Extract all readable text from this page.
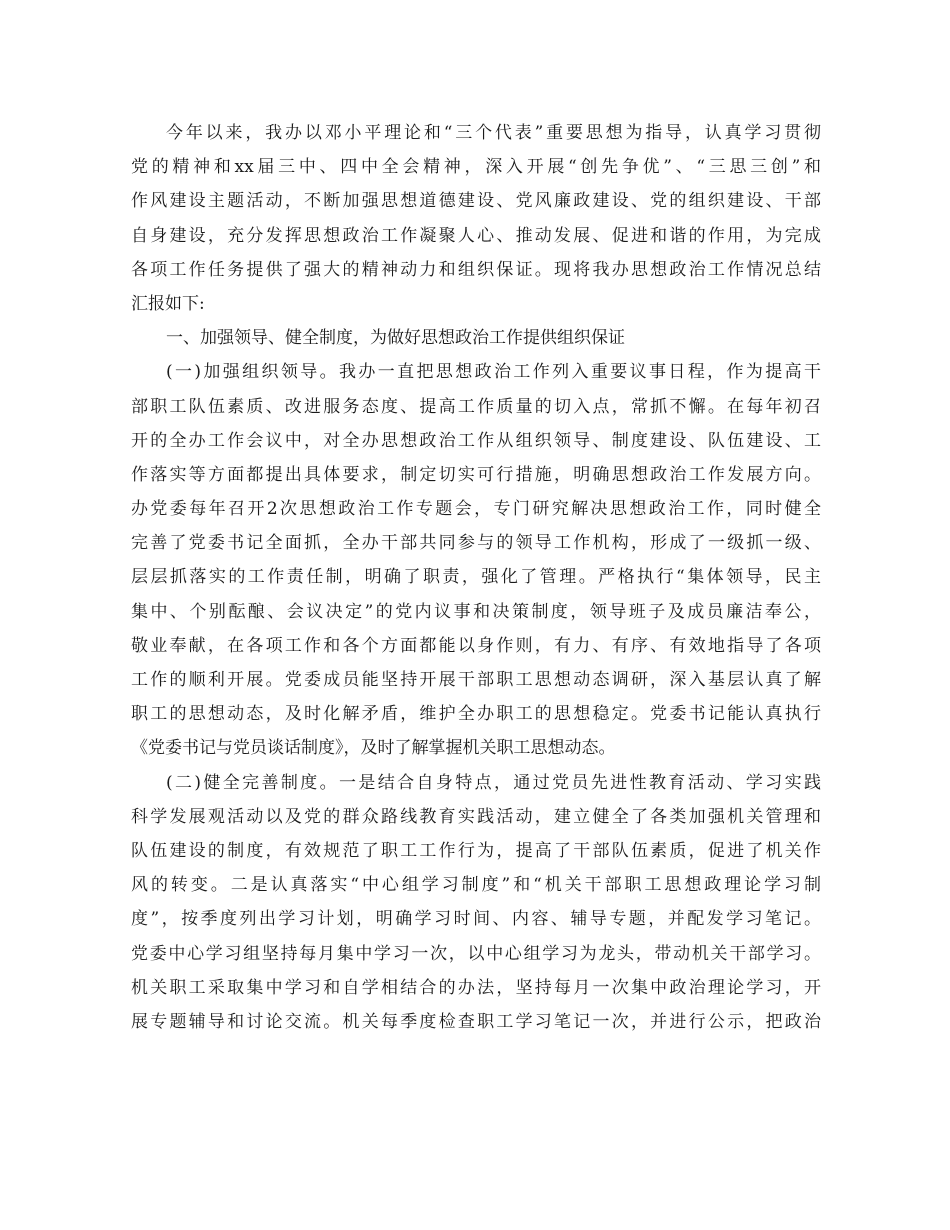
今年以来，我办以邓小平理论和“三个代表”重要思想为指导，认真学习贯彻
党的精神和xx届三中、四中全会精神，深入开展“创先争优”、“三思三创”和
作风建设主题活动，不断加强思想道德建设、党风廉政建设、党的组织建设、干部
自身建设，充分发挥思想政治工作凝聚人心、推动发展、促进和谐的作用，为完成
各项工作任务提供了强大的精神动力和组织保证。现将我办思想政治工作情况总结
汇报如下:
一、加强领导、健全制度，为做好思想政治工作提供组织保证
(一)加强组织领导。我办一直把思想政治工作列入重要议事日程，作为提高干
部职工队伍素质、改进服务态度、提高工作质量的切入点，常抓不懈。在每年初召
开的全办工作会议中，对全办思想政治工作从组织领导、制度建设、队伍建设、工
作落实等方面都提出具体要求，制定切实可行措施，明确思想政治工作发展方向。
办党委每年召开2次思想政治工作专题会，专门研究解决思想政治工作，同时健全
完善了党委书记全面抓，全办干部共同参与的领导工作机构，形成了一级抓一级、
层层抓落实的工作责任制，明确了职责，强化了管理。严格执行“集体领导，民主
集中、个别酝酿、会议决定”的党内议事和决策制度，领导班子及成员廉洁奉公，
敬业奉献，在各项工作和各个方面都能以身作则，有力、有序、有效地指导了各项
工作的顺利开展。党委成员能坚持开展干部职工思想动态调研，深入基层认真了解
职工的思想动态，及时化解矛盾，维护全办职工的思想稳定。党委书记能认真执行
《党委书记与党员谈话制度》，及时了解掌握机关职工思想动态。
(二)健全完善制度。一是结合自身特点，通过党员先进性教育活动、学习实践
科学发展观活动以及党的群众路线教育实践活动，建立健全了各类加强机关管理和
队伍建设的制度，有效规范了职工工作行为，提高了干部队伍素质，促进了机关作
风的转变。二是认真落实“中心组学习制度”和“机关干部职工思想政理论学习制
度”，按季度列出学习计划，明确学习时间、内容、辅导专题，并配发学习笔记。
党委中心学习组坚持每月集中学习一次，以中心组学习为龙头，带动机关干部学习。
机关职工采取集中学习和自学相结合的办法，坚持每月一次集中政治理论学习，开
展专题辅导和讨论交流。机关每季度检查职工学习笔记一次，并进行公示，把政治
